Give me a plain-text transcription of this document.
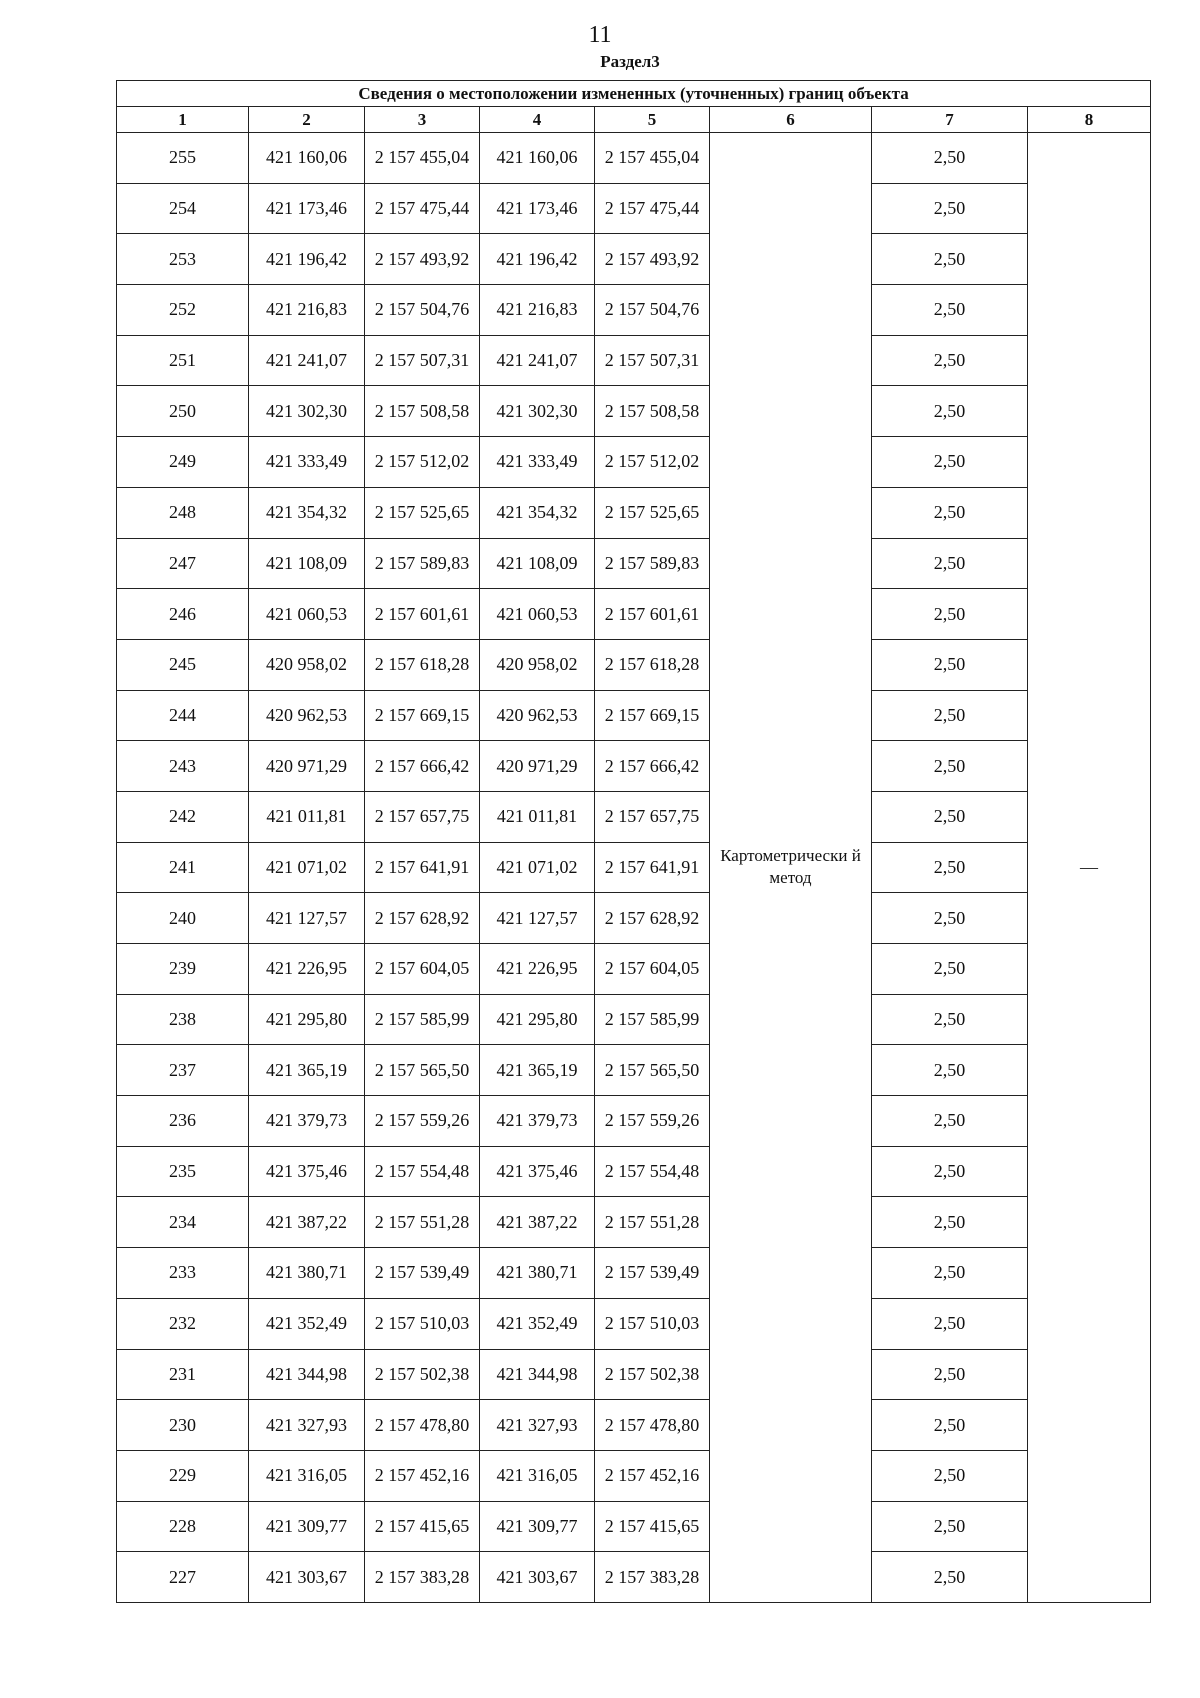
11
Раздел3
Сведения о местоположении измененных (уточненных) границ объекта							
1	2	3	4	5	6	7	8
255	421 160,06	2 157 455,04	421 160,06	2 157 455,04	Картометрически й метод	2,50	—
254	421 173,46	2 157 475,44	421 173,46	2 157 475,44		2,50	
253	421 196,42	2 157 493,92	421 196,42	2 157 493,92		2,50	
252	421 216,83	2 157 504,76	421 216,83	2 157 504,76		2,50	
251	421 241,07	2 157 507,31	421 241,07	2 157 507,31		2,50	
250	421 302,30	2 157 508,58	421 302,30	2 157 508,58		2,50	
249	421 333,49	2 157 512,02	421 333,49	2 157 512,02		2,50	
248	421 354,32	2 157 525,65	421 354,32	2 157 525,65		2,50	
247	421 108,09	2 157 589,83	421 108,09	2 157 589,83		2,50	
246	421 060,53	2 157 601,61	421 060,53	2 157 601,61		2,50	
245	420 958,02	2 157 618,28	420 958,02	2 157 618,28		2,50	
244	420 962,53	2 157 669,15	420 962,53	2 157 669,15		2,50	
243	420 971,29	2 157 666,42	420 971,29	2 157 666,42		2,50	
242	421 011,81	2 157 657,75	421 011,81	2 157 657,75		2,50	
241	421 071,02	2 157 641,91	421 071,02	2 157 641,91		2,50	
240	421 127,57	2 157 628,92	421 127,57	2 157 628,92		2,50	
239	421 226,95	2 157 604,05	421 226,95	2 157 604,05		2,50	
238	421 295,80	2 157 585,99	421 295,80	2 157 585,99		2,50	
237	421 365,19	2 157 565,50	421 365,19	2 157 565,50		2,50	
236	421 379,73	2 157 559,26	421 379,73	2 157 559,26		2,50	
235	421 375,46	2 157 554,48	421 375,46	2 157 554,48		2,50	
234	421 387,22	2 157 551,28	421 387,22	2 157 551,28		2,50	
233	421 380,71	2 157 539,49	421 380,71	2 157 539,49		2,50	
232	421 352,49	2 157 510,03	421 352,49	2 157 510,03		2,50	
231	421 344,98	2 157 502,38	421 344,98	2 157 502,38		2,50	
230	421 327,93	2 157 478,80	421 327,93	2 157 478,80		2,50	
229	421 316,05	2 157 452,16	421 316,05	2 157 452,16		2,50	
228	421 309,77	2 157 415,65	421 309,77	2 157 415,65		2,50	
227	421 303,67	2 157 383,28	421 303,67	2 157 383,28		2,50	
